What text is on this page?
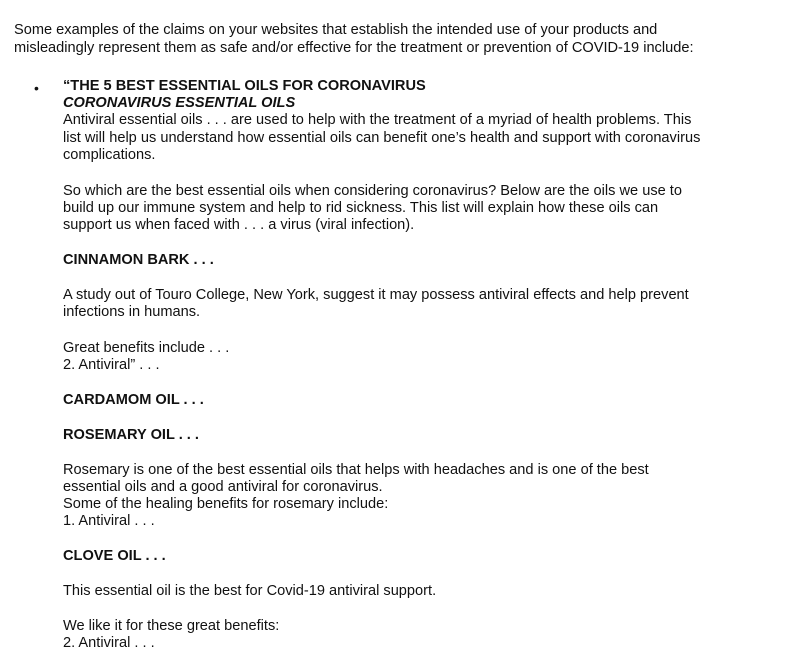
Some examples of the claims on your websites that establish the intended use of your products and
misleadingly represent them as safe and/or effective for the treatment or prevention of COVID-19 include:
• “THE 5 BEST ESSENTIAL OILS FOR CORONAVIRUS
CORONAVIRUS ESSENTIAL OILS
Antiviral essential oils . . . are used to help with the treatment of a myriad of health problems. This
list will help us understand how essential oils can benefit one’s health and support with coronavirus
complications.
So which are the best essential oils when considering coronavirus? Below are the oils we use to
build up our immune system and help to rid sickness. This list will explain how these oils can
support us when faced with . . . a virus (viral infection).
CINNAMON BARK . . .
A study out of Touro College, New York, suggest it may possess antiviral effects and help prevent
infections in humans.
Great benefits include . . .
2. Antiviral” . . .
CARDAMOM OIL . . .
ROSEMARY OIL . . .
Rosemary is one of the best essential oils that helps with headaches and is one of the best
essential oils and a good antiviral for coronavirus.
Some of the healing benefits for rosemary include:
1. Antiviral . . .
CLOVE OIL . . .
This essential oil is the best for Covid-19 antiviral support.
We like it for these great benefits:
2. Antiviral . . .
